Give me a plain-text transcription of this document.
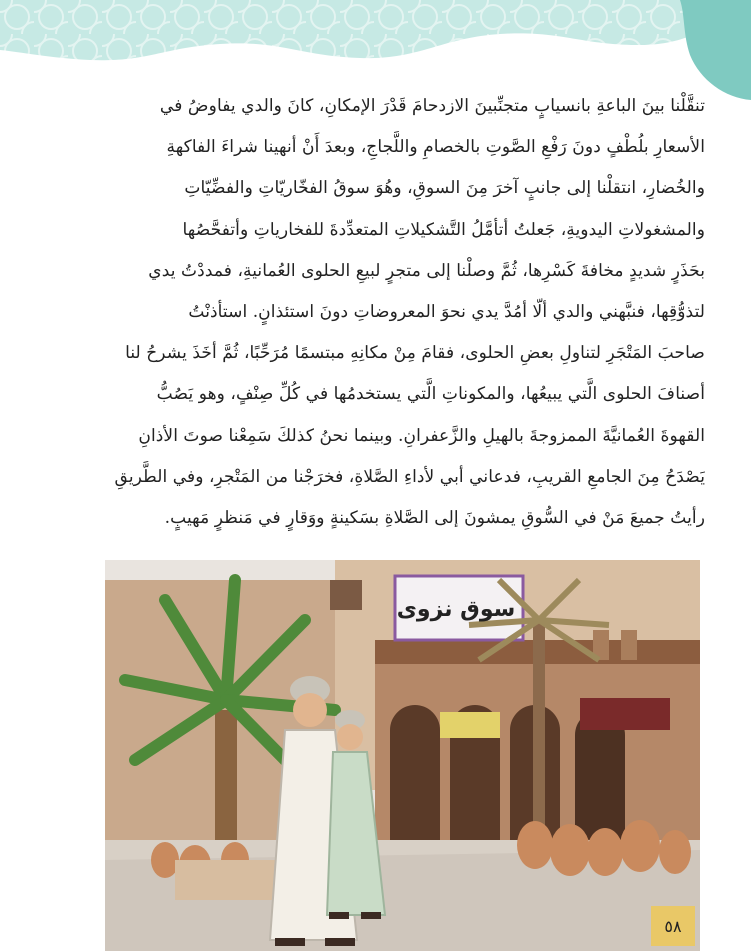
تنقَّلْنا بينَ الباعةِ بانسيابٍ متجنِّبينَ الازدحامَ قَدْرَ الإمكانِ، كانَ والدي يفاوضُ في
الأسعارِ بلُطْفٍ دونَ رَفْعِ الصَّوتِ بالخصامِ واللَّجاجِ، وبعدَ أَنْ أنهينا شراءَ الفاكهةِ
والخُضارِ، انتقلْنا إلى جانبٍ آخرَ مِنَ السوقِ، وهُوَ سوقُ الفخّاريّاتِ والفضِّيّاتِ
والمشغولاتِ اليدويةِ، جَعلتُ أتأمَّلُ التَّشكيلاتِ المتعدِّدةَ للفخارياتِ وأتفحَّصُها
بحَذَرٍ شديدٍ مخافةَ كَسْرِها، ثُمَّ وصلْنا إلى متجرٍ لبيعِ الحلوى العُمانيةِ، فمددْتُ يدي
لتذوُّقِها، فنبَّهني والدي ألّا أمُدَّ يدي نحوَ المعروضاتِ دونَ استئذانٍ. استأذنْتُ
صاحبَ المَتْجَرِ لتناولِ بعضِ الحلوى، فقامَ مِنْ مكانِهِ مبتسمًا مُرَحِّبًا، ثُمَّ أخَذَ يشرحُ لنا
أصنافَ الحلوى الَّتي يبيعُها، والمكوناتِ الَّتي يستخدمُها في كُلِّ صِنْفٍ، وهو يَصُبُّ
القهوةَ العُمانيَّةَ الممزوجةَ بالهيلِ والزَّعفرانِ. وبينما نحنُ كذلكَ سَمِعْنا صوتَ الأذانِ
يَصْدَحُ مِنَ الجامعِ القريبِ، فدعاني أبي لأداءِ الصَّلاةِ، فخرَجْنا من المَتْجرِ، وفي الطَّريقِ
رأيتُ جميعَ مَنْ في السُّوقِ يمشونَ إلى الصَّلاةِ بسَكينةٍ ووَقارٍ في مَنظرٍ مَهيبٍ.
سوق نزوى
٥٨
